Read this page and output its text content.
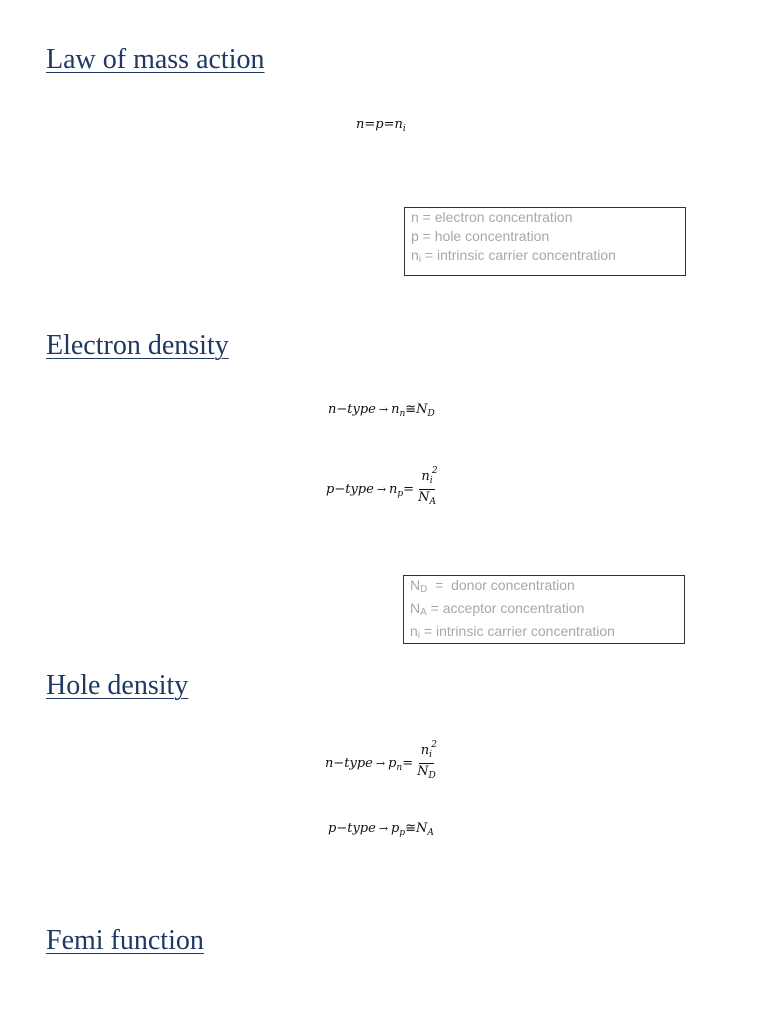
Law of mass action
$n=p=n_i$
n = electron concentration
p = hole concentration
$n_i$ = intrinsic carrier concentration
Electron density
n−type → $n_n≅N_D$
p−type → $n_p= n_i$
2
$N_A$
$N_D$  =  donor concentration
$N_A$ = acceptor concentration
$n_i$ = intrinsic carrier concentration
Hole density
n−type → $p_n= n_i$
2
$N_D$
p−type → $p_p≅N_A$
Femi function
